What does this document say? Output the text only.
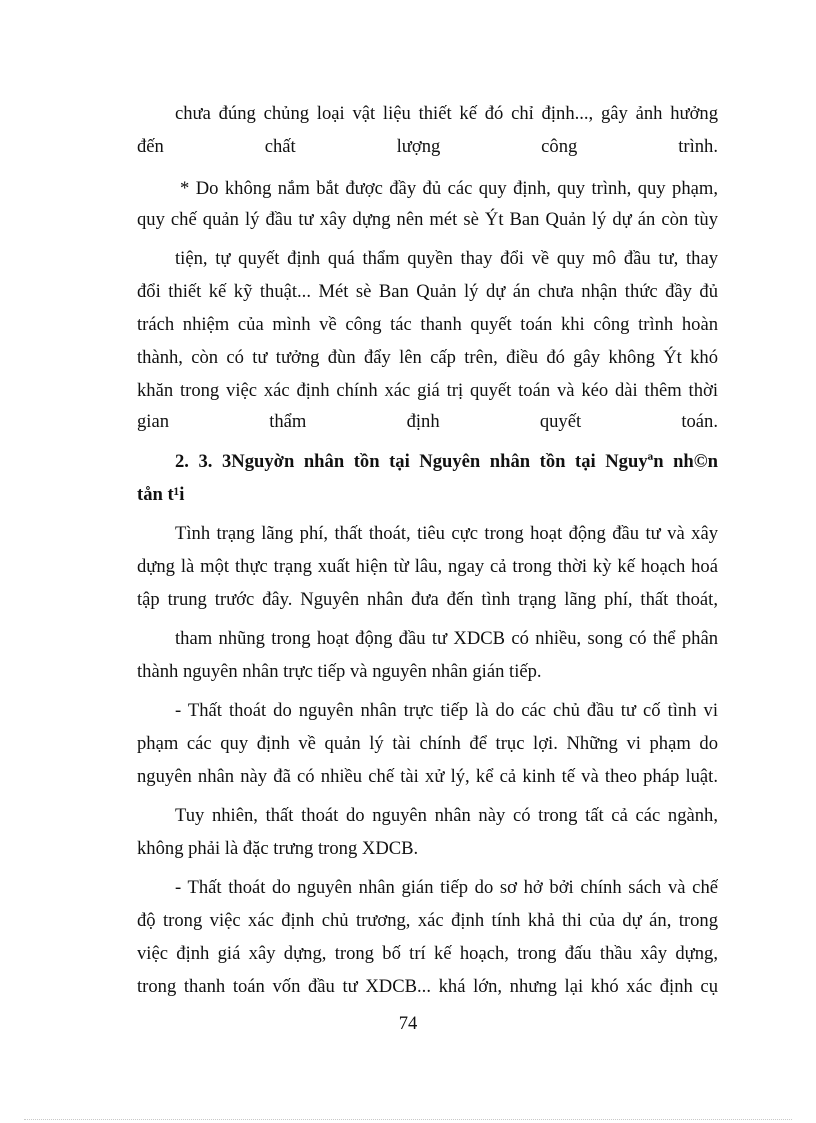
chưa đúng chủng loại vật liệu thiết kế đó chỉ định..., gây ảnh hưởng
đến chất lượng công trình.
* Do không nắm bắt được đầy đủ các quy định, quy trình, quy phạm,
quy chế quản lý đầu tư xây dựng nên mét sè Ýt Ban Quản lý dự án còn tùy
tiện, tự quyết định quá thẩm quyền thay đổi về quy mô đầu tư, thay
đổi thiết kế kỹ thuật... Mét sè Ban Quản lý dự án chưa nhận thức đầy đủ
trách nhiệm của mình về công tác thanh quyết toán khi công trình hoàn
thành, còn có tư tưởng đùn đẩy lên cấp trên, điều đó gây không Ýt khó
khăn trong việc xác định chính xác giá trị quyết toán và kéo dài thêm thời
gian thẩm định quyết toán.
2. 3. 3Nguyờn nhân tồn tại Nguyên nhân tồn tại Nguyªn nh©n
tån t¹i
Tình trạng lãng phí, thất thoát, tiêu cực trong hoạt động đầu tư và xây
dựng là một thực trạng xuất hiện từ lâu, ngay cả trong thời kỳ kế hoạch hoá
tập trung trước đây. Nguyên nhân đưa đến tình trạng lãng phí, thất thoát,
tham nhũng trong hoạt động đầu tư XDCB có nhiều, song có thể phân
thành nguyên nhân trực tiếp và nguyên nhân gián tiếp.
- Thất thoát do nguyên nhân trực tiếp là do các chủ đầu tư cố tình vi
phạm các quy định về quản lý tài chính để trục lợi. Những vi phạm do
nguyên nhân này đã có nhiều chế tài xử lý, kể cả kinh tế và theo pháp luật.
Tuy nhiên, thất thoát do nguyên nhân này có trong tất cả các ngành,
không phải là đặc trưng trong XDCB.
- Thất thoát do nguyên nhân gián tiếp do sơ hở bởi chính sách và chế
độ trong việc xác định chủ trương, xác định tính khả thi của dự án, trong
việc định giá xây dựng, trong bố trí kế hoạch, trong đấu thầu xây dựng,
trong thanh toán vốn đầu tư XDCB... khá lớn, nhưng lại khó xác định cụ
74
